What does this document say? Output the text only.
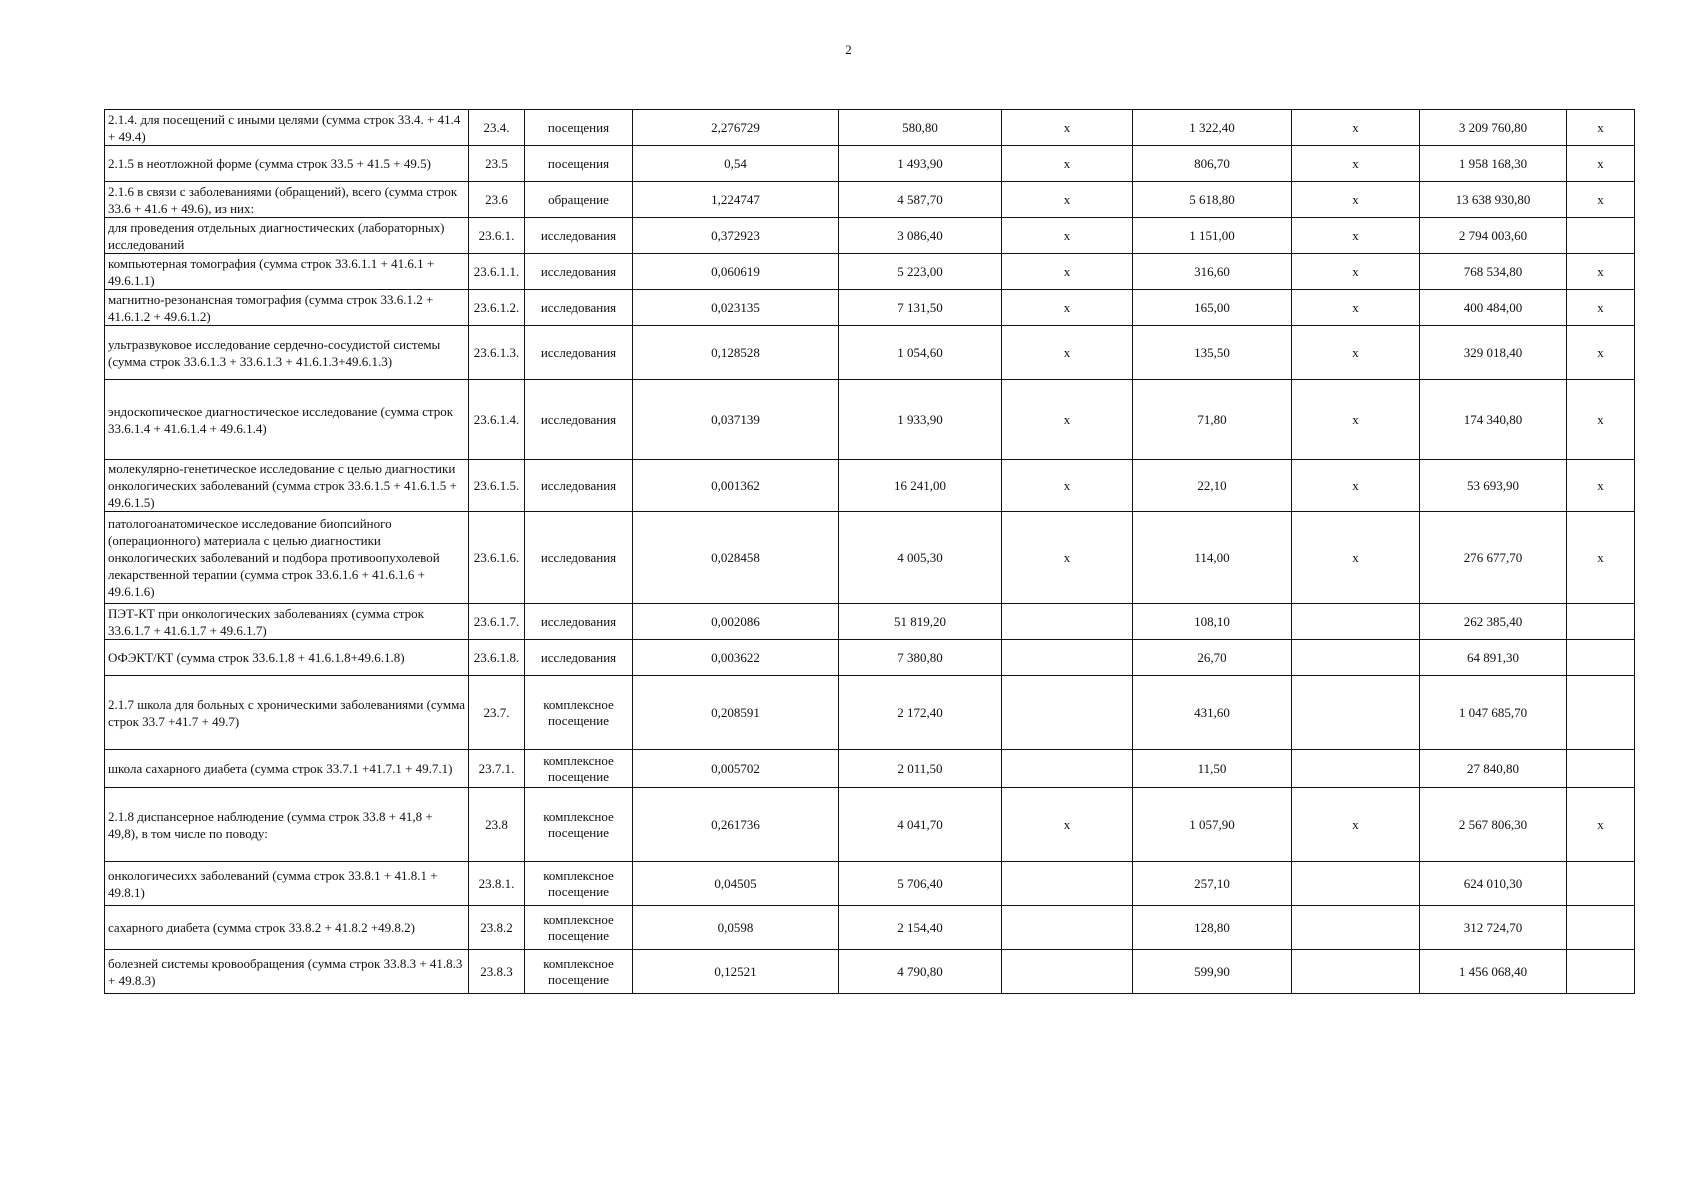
2
2.1.4. для посещений с иными целями (сумма строк 33.4. + 41.4 + 49.4)	23.4.	посещения	2,276729	580,80	х	1 322,40	х	3 209 760,80	х
2.1.5 в неотложной форме (сумма строк 33.5 + 41.5 + 49.5)	23.5	посещения	0,54	1 493,90	х	806,70	х	1 958 168,30	х
2.1.6 в связи с заболеваниями (обращений), всего (сумма строк 33.6 + 41.6 + 49.6), из них:	23.6	обращение	1,224747	4 587,70	х	5 618,80	х	13 638 930,80	х
для проведения отдельных диагностических (лабораторных) исследований	23.6.1.	исследования	0,372923	3 086,40	х	1 151,00	х	2 794 003,60	
компьютерная томография (сумма строк 33.6.1.1 + 41.6.1 + 49.6.1.1)	23.6.1.1.	исследования	0,060619	5 223,00	х	316,60	х	768 534,80	х
магнитно-резонансная томография (сумма строк 33.6.1.2 + 41.6.1.2 + 49.6.1.2)	23.6.1.2.	исследования	0,023135	7 131,50	х	165,00	х	400 484,00	х
ультразвуковое исследование сердечно-сосудистой системы (сумма строк 33.6.1.3 + 33.6.1.3 + 41.6.1.3+49.6.1.3)	23.6.1.3.	исследования	0,128528	1 054,60	х	135,50	х	329 018,40	х
эндоскопическое диагностическое исследование (сумма строк 33.6.1.4 + 41.6.1.4 + 49.6.1.4)	23.6.1.4.	исследования	0,037139	1 933,90	х	71,80	х	174 340,80	х
молекулярно-генетическое исследование с целью диагностики онкологических заболеваний (сумма строк 33.6.1.5 + 41.6.1.5 + 49.6.1.5)	23.6.1.5.	исследования	0,001362	16 241,00	х	22,10	х	53 693,90	х
патологоанатомическое исследование биопсийного (операционного) материала с целью диагностики онкологических заболеваний и подбора противоопухолевой лекарственной терапии (сумма строк 33.6.1.6 + 41.6.1.6 + 49.6.1.6)	23.6.1.6.	исследования	0,028458	4 005,30	х	114,00	х	276 677,70	х
ПЭТ-КТ при онкологических заболеваниях (сумма строк 33.6.1.7 + 41.6.1.7 + 49.6.1.7)	23.6.1.7.	исследования	0,002086	51 819,20		108,10		262 385,40	
ОФЭКТ/КТ (сумма строк 33.6.1.8 + 41.6.1.8+49.6.1.8)	23.6.1.8.	исследования	0,003622	7 380,80		26,70		64 891,30	
2.1.7 школа для больных с хроническими заболеваниями (сумма строк 33.7 +41.7 + 49.7)	23.7.	комплексное посещение	0,208591	2 172,40		431,60		1 047 685,70	
школа сахарного диабета (сумма строк 33.7.1 +41.7.1 + 49.7.1)	23.7.1.	комплексное посещение	0,005702	2 011,50		11,50		27 840,80	
2.1.8 диспансерное наблюдение (сумма строк 33.8 + 41,8 + 49,8), в том числе по поводу:	23.8	комплексное посещение	0,261736	4 041,70	х	1 057,90	х	2 567 806,30	х
онкологичесихх заболеваний (сумма строк 33.8.1 + 41.8.1 + 49.8.1)	23.8.1.	комплексное посещение	0,04505	5 706,40		257,10		624 010,30	
сахарного диабета (сумма строк 33.8.2 + 41.8.2 +49.8.2)	23.8.2	комплексное посещение	0,0598	2 154,40		128,80		312 724,70	
болезней системы кровообращения (сумма строк 33.8.3 + 41.8.3 + 49.8.3)	23.8.3	комплексное посещение	0,12521	4 790,80		599,90		1 456 068,40	
